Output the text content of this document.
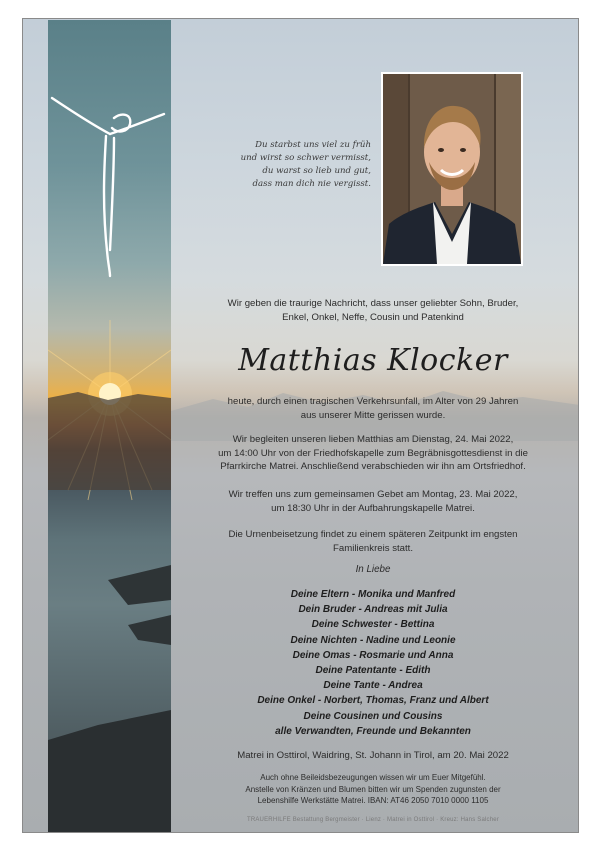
Du starbst uns viel zu früh
und wirst so schwer vermisst,
du warst so lieb und gut,
dass man dich nie vergisst.
Wir geben die traurige Nachricht, dass unser geliebter Sohn, Bruder,
Enkel, Onkel, Neffe, Cousin und Patenkind
Matthias Klocker
heute, durch einen tragischen Verkehrsunfall, im Alter von 29 Jahren
aus unserer Mitte gerissen wurde.
Wir begleiten unseren lieben Matthias am Dienstag, 24. Mai 2022,
um 14:00 Uhr von der Friedhofskapelle zum Begräbnisgottesdienst in die
Pfarrkirche Matrei. Anschließend verabschieden wir ihn am Ortsfriedhof.
Wir treffen uns zum gemeinsamen Gebet am Montag, 23. Mai 2022,
um 18:30 Uhr in der Aufbahrungskapelle Matrei.
Die Urnenbeisetzung findet zu einem späteren Zeitpunkt im engsten
Familienkreis statt.
In Liebe
Deine Eltern - Monika und Manfred
Dein Bruder - Andreas mit Julia
Deine Schwester - Bettina
Deine Nichten - Nadine und Leonie
Deine Omas - Rosmarie und Anna
Deine Patentante - Edith
Deine Tante - Andrea
Deine Onkel - Norbert, Thomas, Franz und Albert
Deine Cousinen und Cousins
alle Verwandten, Freunde und Bekannten
Matrei in Osttirol, Waidring, St. Johann in Tirol, am 20. Mai 2022
Auch ohne Beileidsbezeugungen wissen wir um Euer Mitgefühl.
Anstelle von Kränzen und Blumen bitten wir um Spenden zugunsten der
Lebenshilfe Werkstätte Matrei. IBAN: AT46 2050 7010 0000 1105
TRAUERHILFE Bestattung Bergmeister · Lienz · Matrei in Osttirol · Kreuz: Hans Salcher
